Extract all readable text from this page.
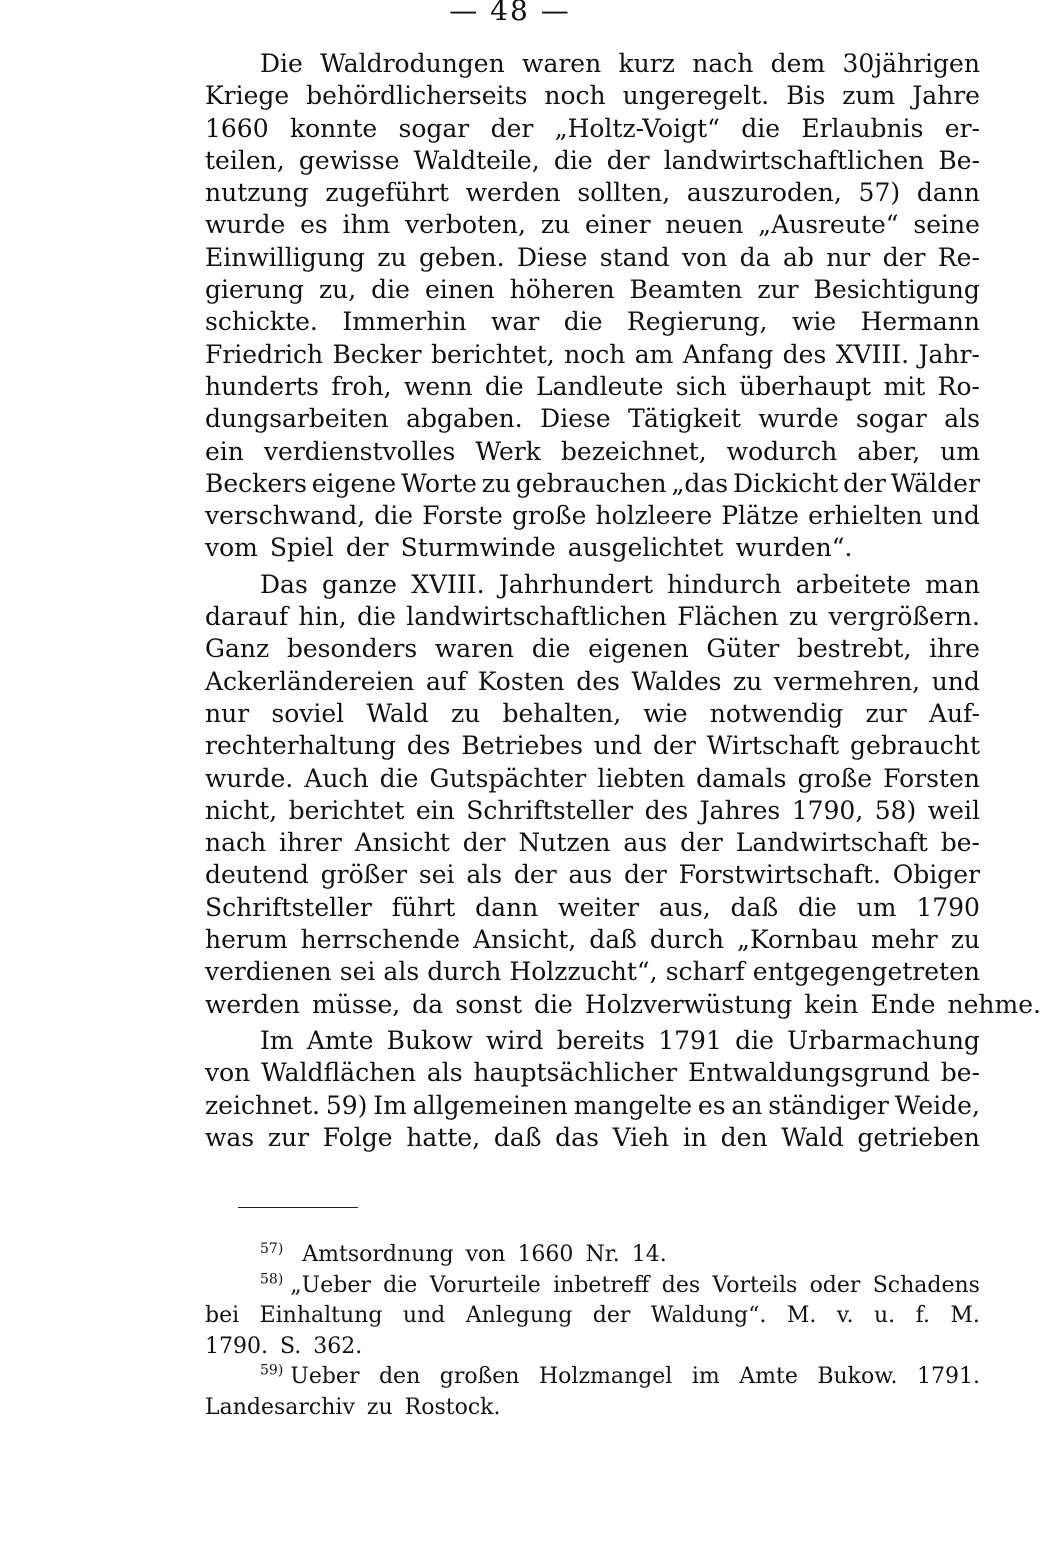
— 48 —
Die Waldrodungen waren kurz nach dem 30jährigen
Kriege behördlicherseits noch ungeregelt. Bis zum Jahre
1660 konnte sogar der „Holtz-Voigt“ die Erlaubnis er-
teilen, gewisse Waldteile, die der landwirtschaftlichen Be-
nutzung zugeführt werden sollten, auszuroden, 57) dann
wurde es ihm verboten, zu einer neuen „Ausreute“ seine
Einwilligung zu geben. Diese stand von da ab nur der Re-
gierung zu, die einen höheren Beamten zur Besichtigung
schickte. Immerhin war die Regierung, wie Hermann
Friedrich Becker berichtet, noch am Anfang des XVIII. Jahr-
hunderts froh, wenn die Landleute sich überhaupt mit Ro-
dungsarbeiten abgaben. Diese Tätigkeit wurde sogar als
ein verdienstvolles Werk bezeichnet, wodurch aber, um
Beckers eigene Worte zu gebrauchen „das Dickicht der Wälder
verschwand, die Forste große holzleere Plätze erhielten und
vom Spiel der Sturmwinde ausgelichtet wurden“.
Das ganze XVIII. Jahrhundert hindurch arbeitete man
darauf hin, die landwirtschaftlichen Flächen zu vergrößern.
Ganz besonders waren die eigenen Güter bestrebt, ihre
Ackerländereien auf Kosten des Waldes zu vermehren, und
nur soviel Wald zu behalten, wie notwendig zur Auf-
rechterhaltung des Betriebes und der Wirtschaft gebraucht
wurde. Auch die Gutspächter liebten damals große Forsten
nicht, berichtet ein Schriftsteller des Jahres 1790, 58) weil
nach ihrer Ansicht der Nutzen aus der Landwirtschaft be-
deutend größer sei als der aus der Forstwirtschaft. Obiger
Schriftsteller führt dann weiter aus, daß die um 1790
herum herrschende Ansicht, daß durch „Kornbau mehr zu
verdienen sei als durch Holzzucht“, scharf entgegengetreten
werden müsse, da sonst die Holzverwüstung kein Ende nehme.
Im Amte Bukow wird bereits 1791 die Urbarmachung
von Waldflächen als hauptsächlicher Entwaldungsgrund be-
zeichnet. 59) Im allgemeinen mangelte es an ständiger Weide,
was zur Folge hatte, daß das Vieh in den Wald getrieben
$^{57)}$ Amtsordnung von 1660 Nr. 14.
$^{58)}$ „Ueber die Vorurteile inbetreff des Vorteils oder Schadens
bei Einhaltung und Anlegung der Waldung“. M. v. u. f. M.
1790. S. 362.
$^{59)}$ Ueber den großen Holzmangel im Amte Bukow. 1791.
Landesarchiv zu Rostock.
